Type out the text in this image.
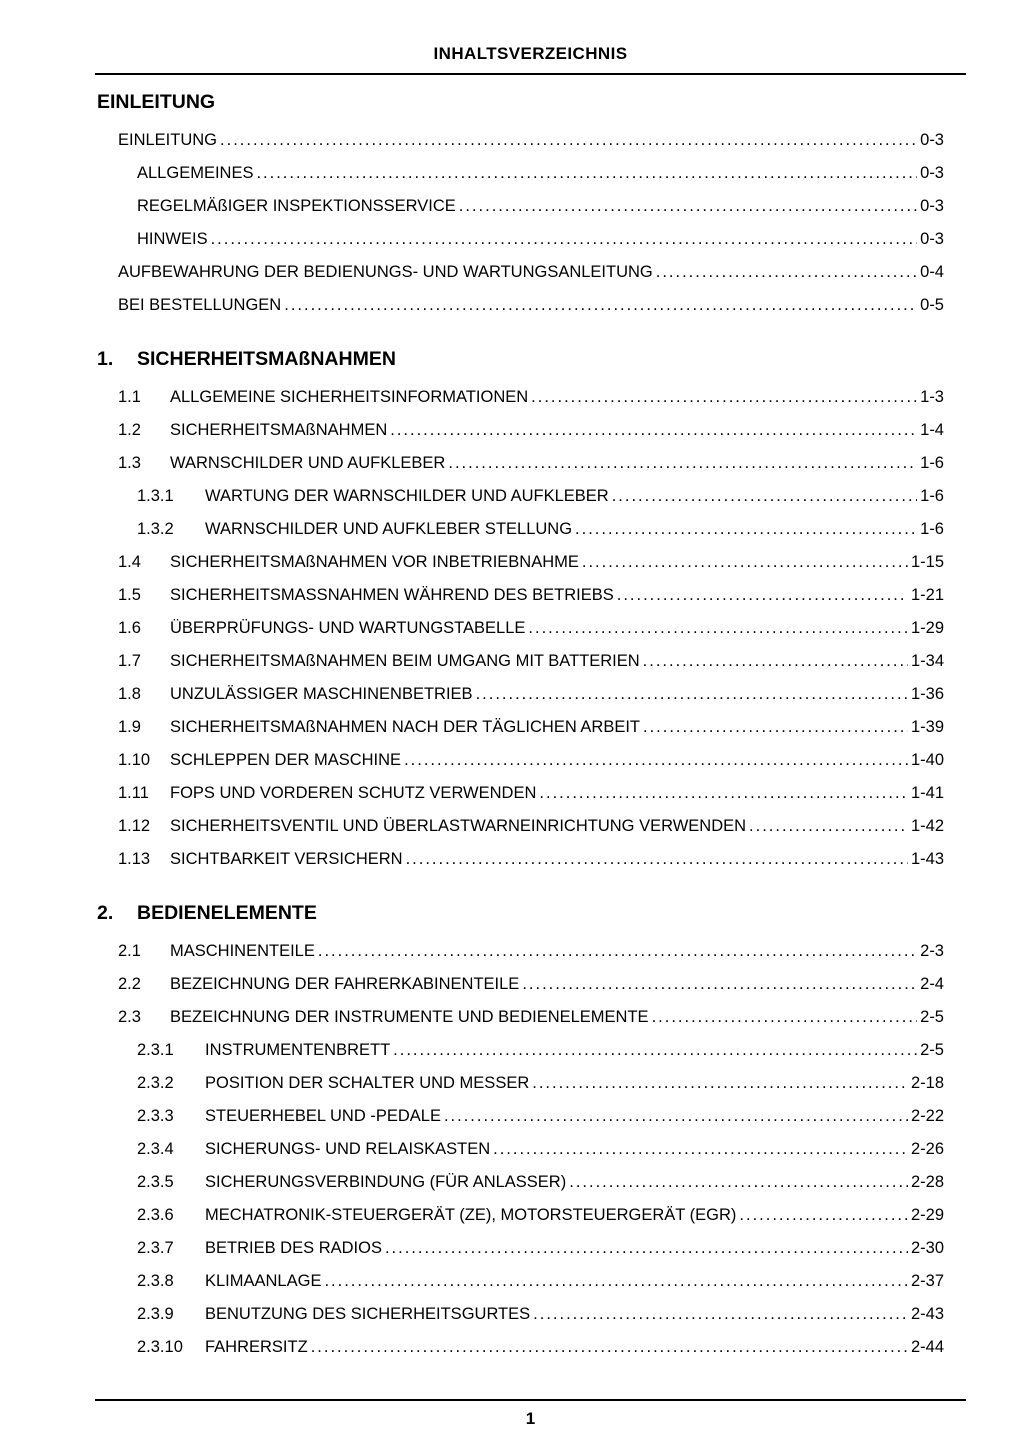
INHALTSVERZEICHNIS
EINLEITUNG
EINLEITUNG .....	0-3
ALLGEMEINES .....	0-3
REGELMÄßIGER INSPEKTIONSSERVICE .....	0-3
HINWEIS .....	0-3
AUFBEWAHRUNG DER BEDIENUNGS- UND WARTUNGSANLEITUNG .....	0-4
BEI BESTELLUNGEN .....	0-5
1.	SICHERHEITSMAßNAHMEN
1.1	ALLGEMEINE SICHERHEITSINFORMATIONEN .....	1-3
1.2	SICHERHEITSMAßNAHMEN .....	1-4
1.3	WARNSCHILDER UND AUFKLEBER .....	1-6
1.3.1	WARTUNG DER WARNSCHILDER UND AUFKLEBER .....	1-6
1.3.2	WARNSCHILDER UND AUFKLEBER STELLUNG .....	1-6
1.4	SICHERHEITSMAßNAHMEN VOR INBETRIEBNAHME .....	1-15
1.5	SICHERHEITSMASSNAHMEN WÄHREND DES BETRIEBS .....	1-21
1.6	ÜBERPRÜFUNGS- UND WARTUNGSTABELLE .....	1-29
1.7	SICHERHEITSMAßNAHMEN BEIM UMGANG MIT BATTERIEN .....	1-34
1.8	UNZULÄSSIGER MASCHINENBETRIEB .....	1-36
1.9	SICHERHEITSMAßNAHMEN NACH DER TÄGLICHEN ARBEIT .....	1-39
1.10	SCHLEPPEN DER MASCHINE .....	1-40
1.11	FOPS UND VORDEREN SCHUTZ VERWENDEN .....	1-41
1.12	SICHERHEITSVENTIL UND ÜBERLASTWARNEINRICHTUNG VERWENDEN .....	1-42
1.13	SICHTBARKEIT VERSICHERN .....	1-43
2.	BEDIENELEMENTE
2.1	MASCHINENTEILE .....	2-3
2.2	BEZEICHNUNG DER FAHRERKABINENTEILE .....	2-4
2.3	BEZEICHNUNG DER INSTRUMENTE UND BEDIENELEMENTE .....	2-5
2.3.1	INSTRUMENTENBRETT .....	2-5
2.3.2	POSITION DER SCHALTER UND MESSER .....	2-18
2.3.3	STEUERHEBEL UND -PEDALE .....	2-22
2.3.4	SICHERUNGS- UND RELAISKASTEN .....	2-26
2.3.5	SICHERUNGSVERBINDUNG (FÜR ANLASSER) .....	2-28
2.3.6	MECHATRONIK-STEUERGERÄT (ZE), MOTORSTEUERGERÄT (EGR) .....	2-29
2.3.7	BETRIEB DES RADIOS .....	2-30
2.3.8	KLIMAANLAGE .....	2-37
2.3.9	BENUTZUNG DES SICHERHEITSGURTES .....	2-43
2.3.10	FAHRERSITZ .....	2-44
1
